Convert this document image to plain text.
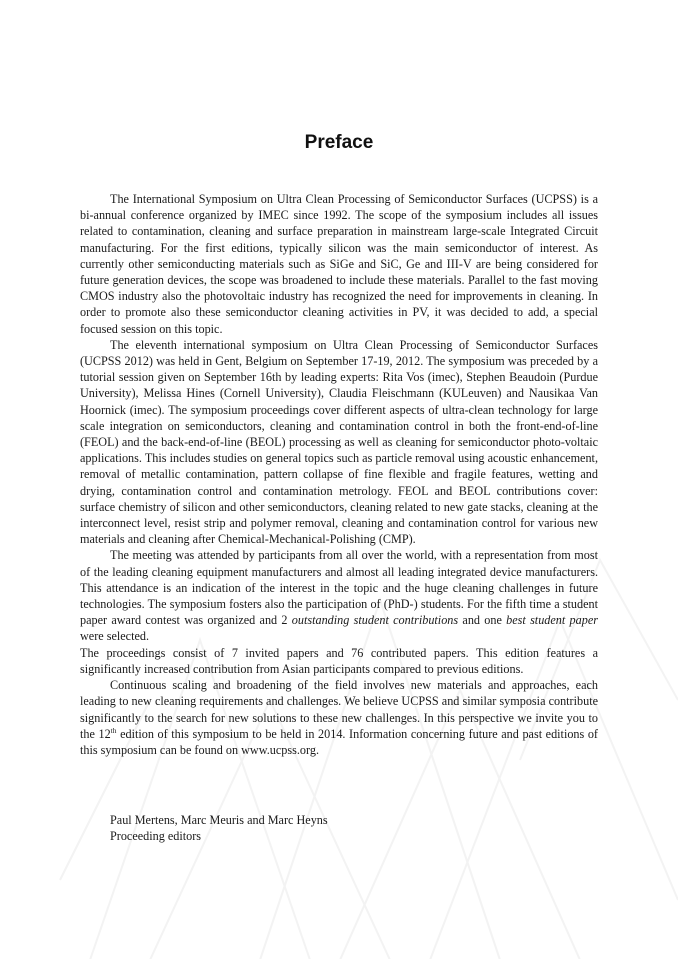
Preface

The International Symposium on Ultra Clean Processing of Semiconductor Surfaces (UCPSS) is a bi-annual conference organized by IMEC since 1992. The scope of the symposium includes all issues related to contamination, cleaning and surface preparation in mainstream large-scale Integrated Circuit manufacturing. For the first editions, typically silicon was the main semiconductor of interest. As currently other semiconducting materials such as SiGe and SiC, Ge and III-V are being considered for future generation devices, the scope was broadened to include these materials. Parallel to the fast moving CMOS industry also the photovoltaic industry has recognized the need for improvements in cleaning. In order to promote also these semiconductor cleaning activities in PV, it was decided to add, a special focused session on this topic.

The eleventh international symposium on Ultra Clean Processing of Semiconductor Surfaces (UCPSS 2012) was held in Gent, Belgium on September 17-19, 2012. The symposium was preceded by a tutorial session given on September 16th by leading experts: Rita Vos (imec), Stephen Beaudoin (Purdue University), Melissa Hines (Cornell University), Claudia Fleischmann (KULeuven) and Nausikaa Van Hoornick (imec). The symposium proceedings cover different aspects of ultra-clean technology for large scale integration on semiconductors, cleaning and contamination control in both the front-end-of-line (FEOL) and the back-end-of-line (BEOL) processing as well as cleaning for semiconductor photo-voltaic applications. This includes studies on general topics such as particle removal using acoustic enhancement, removal of metallic contamination, pattern collapse of fine flexible and fragile features, wetting and drying, contamination control and contamination metrology. FEOL and BEOL contributions cover: surface chemistry of silicon and other semiconductors, cleaning related to new gate stacks, cleaning at the interconnect level, resist strip and polymer removal, cleaning and contamination control for various new materials and cleaning after Chemical-Mechanical-Polishing (CMP).

The meeting was attended by participants from all over the world, with a representation from most of the leading cleaning equipment manufacturers and almost all leading integrated device manufacturers. This attendance is an indication of the interest in the topic and the huge cleaning challenges in future technologies. The symposium fosters also the participation of (PhD-) students. For the fifth time a student paper award contest was organized and 2 outstanding student contributions and one best student paper were selected.

The proceedings consist of 7 invited papers and 76 contributed papers. This edition features a significantly increased contribution from Asian participants compared to previous editions.

Continuous scaling and broadening of the field involves new materials and approaches, each leading to new cleaning requirements and challenges. We believe UCPSS and similar symposia contribute significantly to the search for new solutions to these new challenges. In this perspective we invite you to the 12th edition of this symposium to be held in 2014. Information concerning future and past editions of this symposium can be found on www.ucpss.org.

Paul Mertens, Marc Meuris and Marc Heyns
Proceeding editors
